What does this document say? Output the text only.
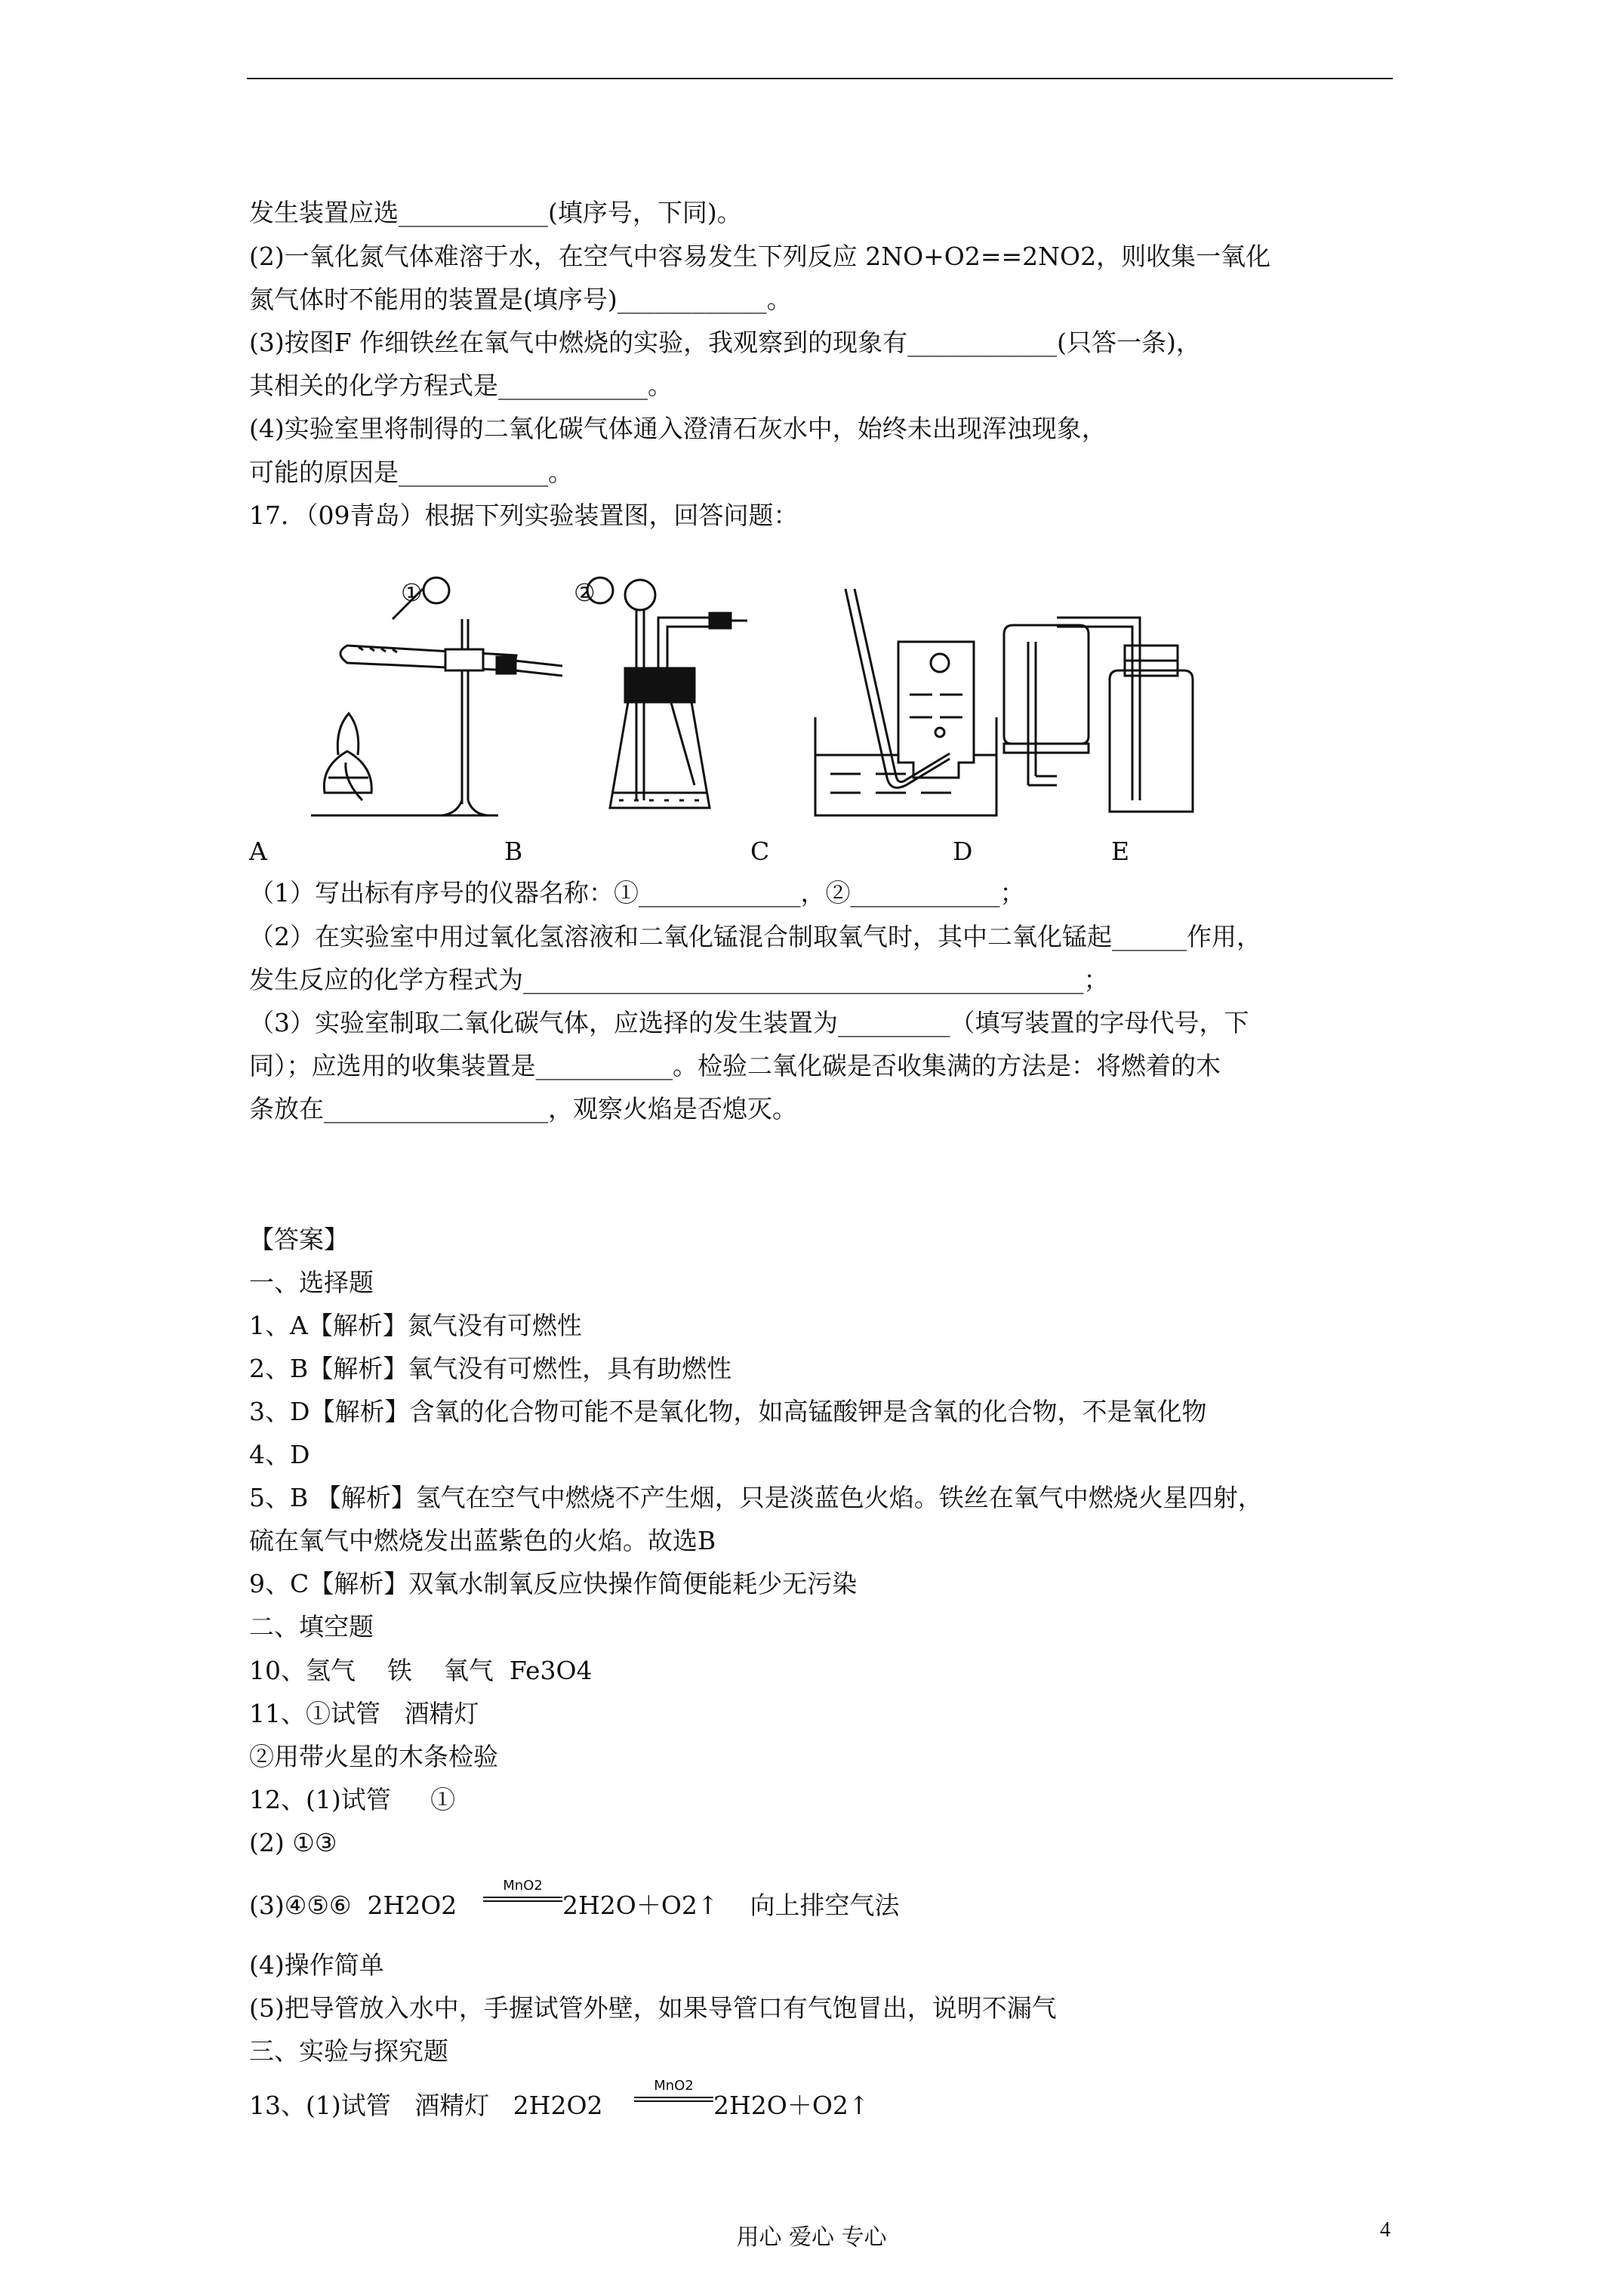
发生装置应选____________(填序号，下同)。
(2)一氧化氮气体难溶于水，在空气中容易发生下列反应 2NO+O2==2NO2，则收集一氧化
氮气体时不能用的装置是(填序号)____________。
(3)按图F 作细铁丝在氧气中燃烧的实验，我观察到的现象有____________(只答一条)，
其相关的化学方程式是____________。
(4)实验室里将制得的二氧化碳气体通入澄清石灰水中，始终未出现浑浊现象，
可能的原因是____________。
17．（09青岛）根据下列实验装置图，回答问题：
A	B	C	D	E
①	②
（1）写出标有序号的仪器名称：①_____________，②____________；
（2）在实验室中用过氧化氢溶液和二氧化锰混合制取氧气时，其中二氧化锰起______作用，
发生反应的化学方程式为_____________________________________________；
（3）实验室制取二氧化碳气体，应选择的发生装置为_________（填写装置的字母代号，下
同）；应选用的收集装置是___________。检验二氧化碳是否收集满的方法是：将燃着的木
条放在__________________，观察火焰是否熄灭。
【答案】
一、选择题
1、A【解析】氮气没有可燃性
2、B【解析】氧气没有可燃性，具有助燃性
3、D【解析】含氧的化合物可能不是氧化物，如高锰酸钾是含氧的化合物，不是氧化物
4、D
5、B 【解析】氢气在空气中燃烧不产生烟，只是淡蓝色火焰。铁丝在氧气中燃烧火星四射，
硫在氧气中燃烧发出蓝紫色的火焰。故选B
9、C【解析】双氧水制氧反应快操作简便能耗少无污染
二、填空题
10、氢气    铁    氧气  Fe3O4
11、①试管   酒精灯
②用带火星的木条检验
12、(1)试管     ①
(2) ①③
(3)④⑤⑥  2H2O2
MnO2
2H2O＋O2↑    向上排空气法
(4)操作简单
(5)把导管放入水中，手握试管外壁，如果导管口有气饱冒出，说明不漏气
三、实验与探究题
13、(1)试管   酒精灯   2H2O2
MnO2
2H2O＋O2↑
用心 爱心 专心	4
